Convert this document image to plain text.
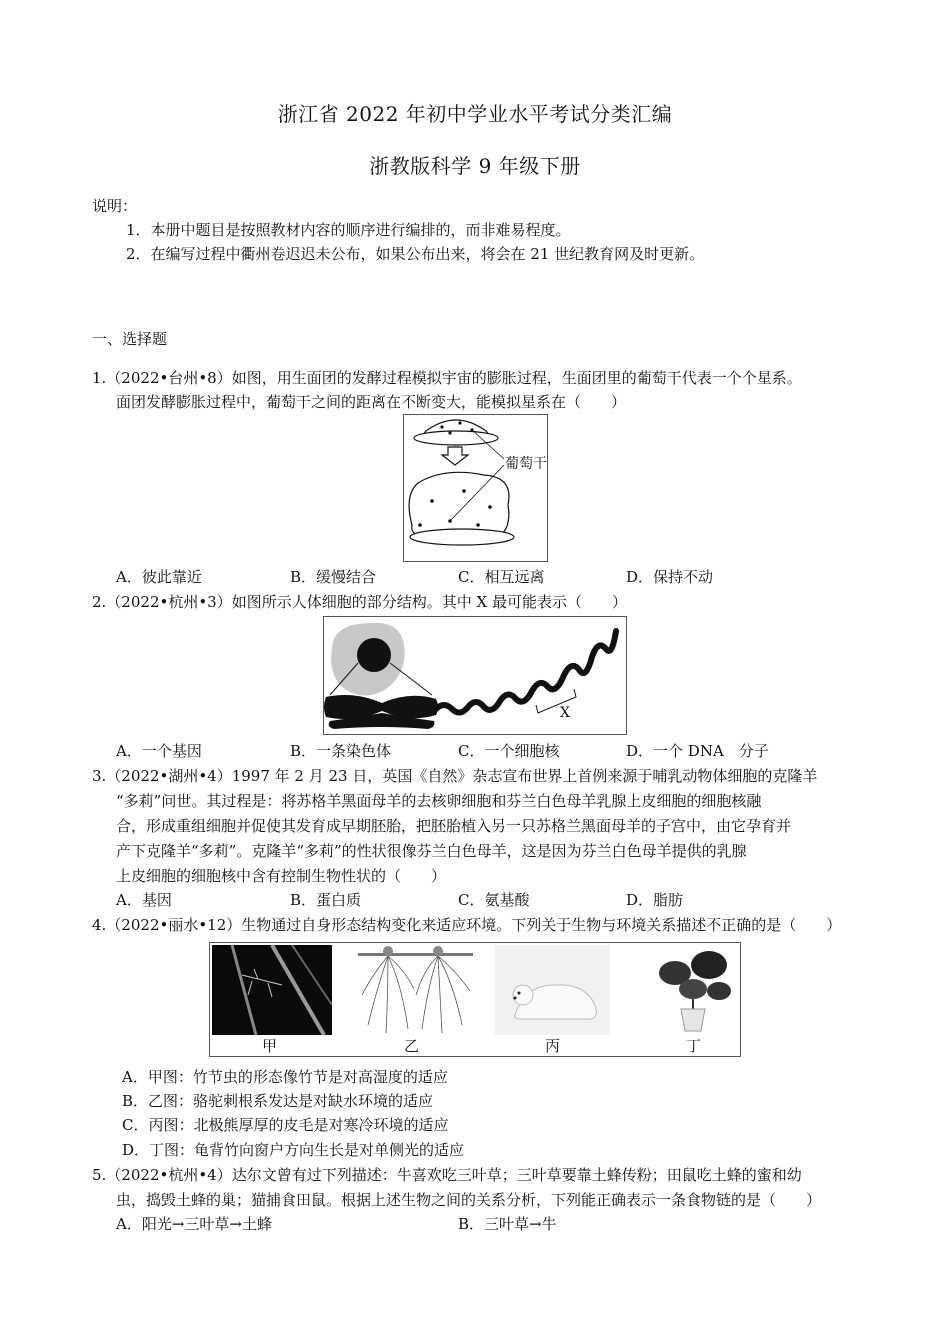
浙江省 2022 年初中学业水平考试分类汇编
浙教版科学 9 年级下册
说明：
1．本册中题目是按照教材内容的顺序进行编排的，而非难易程度。
2．在编写过程中衢州卷迟迟未公布，如果公布出来，将会在 21 世纪教育网及时更新。
一、选择题
1.（2022•台州•8）如图，用生面团的发酵过程模拟宇宙的膨胀过程，生面团里的葡萄干代表一个个星系。
面团发酵膨胀过程中，葡萄干之间的距离在不断变大，能模拟星系在（　　）
葡萄干
A．彼此靠近	B．缓慢结合	C．相互远离	D．保持不动
2.（2022•杭州•3）如图所示人体细胞的部分结构。其中 X 最可能表示（　　）
X
A．一个基因	B．一条染色体	C．一个细胞核	D．一个 DNA　分子
3.（2022•湖州•4）1997 年 2 月 23 日，英国《自然》杂志宣布世界上首例来源于哺乳动物体细胞的克隆羊
“多莉”问世。其过程是：将苏格羊黑面母羊的去核卵细胞和芬兰白色母羊乳腺上皮细胞的细胞核融
合，形成重组细胞并促使其发育成早期胚胎，把胚胎植入另一只苏格兰黑面母羊的子宫中，由它孕育并
产下克隆羊“多莉”。克隆羊“多莉”的性状很像芬兰白色母羊，这是因为芬兰白色母羊提供的乳腺
上皮细胞的细胞核中含有控制生物性状的（　　）
A．基因	B．蛋白质	C．氨基酸	D．脂肪
4.（2022•丽水•12）生物通过自身形态结构变化来适应环境。下列关于生物与环境关系描述不正确的是（　　）
甲	乙	丙	丁
A．甲图：竹节虫的形态像竹节是对高湿度的适应
B．乙图：骆驼刺根系发达是对缺水环境的适应
C．丙图：北极熊厚厚的皮毛是对寒冷环境的适应
D．丁图：龟背竹向窗户方向生长是对单侧光的适应
5.（2022•杭州•4）达尔文曾有过下列描述：牛喜欢吃三叶草；三叶草要靠土蜂传粉；田鼠吃土蜂的蜜和幼
虫，捣毁土蜂的巢；猫捕食田鼠。根据上述生物之间的关系分析，下列能正确表示一条食物链的是（　　）
A．阳光→三叶草→土蜂	B．三叶草→牛
